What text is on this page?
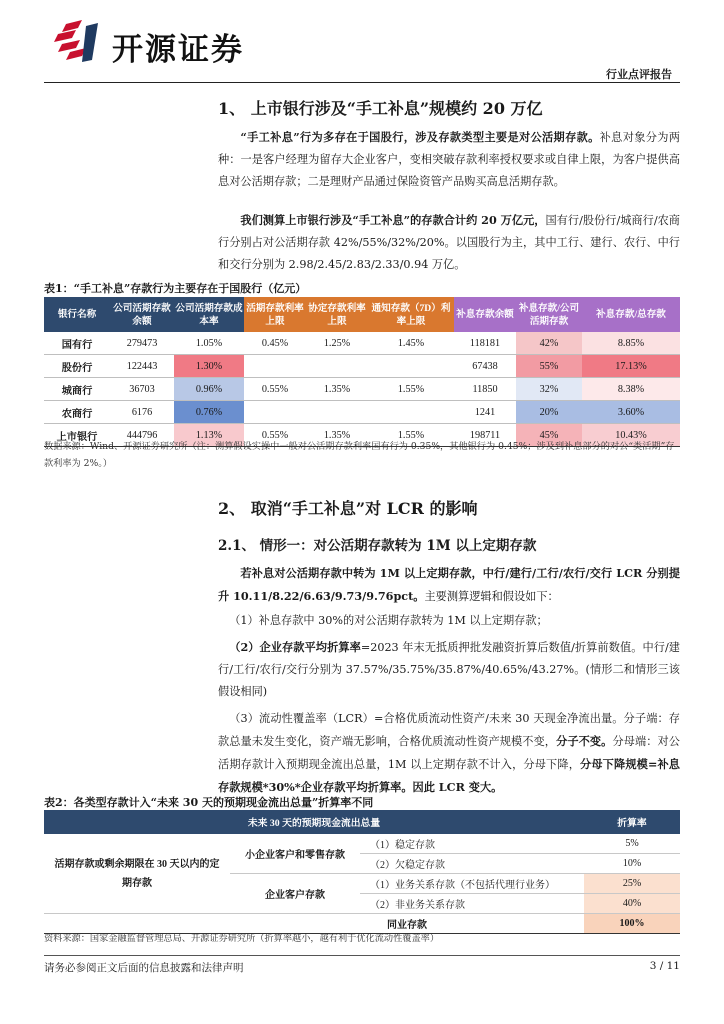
开源证券
行业点评报告
1、 上市银行涉及“手工补息”规模约 20 万亿

“手工补息”行为多存在于国股行，涉及存款类型主要是对公活期存款。补息对象分为两种：一是客户经理为留存大企业客户，变相突破存款利率授权要求或自律上限，为客户提供高息对公活期存款；二是理财产品通过保险资管产品购买高息活期存款。

我们测算上市银行涉及“手工补息”的存款合计约 20 万亿元，国有行/股份行/城商行/农商行分别占对公活期存款 42%/55%/32%/20%。以国股行为主，其中工行、建行、农行、中行和交行分别为 2.98/2.45/2.83/2.33/0.94 万亿。

表1：“手工补息”存款行为主要存在于国股行（亿元）
银行名称	公司活期存款余额	公司活期存款成本率	活期存款利率上限	协定存款利率上限	通知存款（7D）利率上限	补息存款余额	补息存款/公司活期存款	补息存款/总存款
国有行	279473	1.05%	0.45%	1.25%	1.45%	118181	42%	8.85%
股份行	122443	1.30%				67438	55%	17.13%
城商行	36703	0.96%	0.55%	1.35%	1.55%	11850	32%	8.38%
农商行	6176	0.76%				1241	20%	3.60%
上市银行	444796	1.13%	0.55%	1.35%	1.55%	198711	45%	10.43%
数据来源：Wind、开源证券研究所（注：测算假设实操中一般对公活期存款利率国有行为 0.35%，其他银行为 0.45%；涉及到补息部分的对公“类活期”存款利率为 2%。）
2、 取消“手工补息”对 LCR 的影响
2.1、 情形一：对公活期存款转为 1M 以上定期存款

若补息对公活期存款中转为 1M 以上定期存款，中行/建行/工行/农行/交行 LCR 分别提升 10.11/8.22/6.63/9.73/9.76pct。主要测算逻辑和假设如下：

（1）补息存款中 30%的对公活期存款转为 1M 以上定期存款；

（2）企业存款平均折算率=2023 年末无抵质押批发融资折算后数值/折算前数值。中行/建行/工行/农行/交行分别为 37.57%/35.75%/35.87%/40.65%/43.27%。(情形二和情形三该假设相同)

（3）流动性覆盖率（LCR）=合格优质流动性资产/未来 30 天现金净流出量。分子端：存款总量未发生变化，资产端无影响，合格优质流动性资产规模不变，分子不变。分母端：对公活期存款计入预期现金流出总量，1M 以上定期存款不计入，分母下降，分母下降规模=补息存款规模*30%*企业存款平均折算率。因此 LCR 变大。

表2：各类型存款计入“未来 30 天的预期现金流出总量”折算率不同
未来 30 天的预期现金流出总量			折算率
活期存款或剩余期限在 30 天以内的定期存款	小企业客户和零售存款	（1）稳定存款	5%
		（2）欠稳定存款	10%
	企业客户存款	（1）业务关系存款（不包括代理行业务）	25%
		（2）非业务关系存款	40%
	同业存款		100%
资料来源：国家金融监督管理总局、开源证券研究所（折算率越小，越有利于优化流动性覆盖率）
请务必参阅正文后面的信息披露和法律声明	3 / 11
